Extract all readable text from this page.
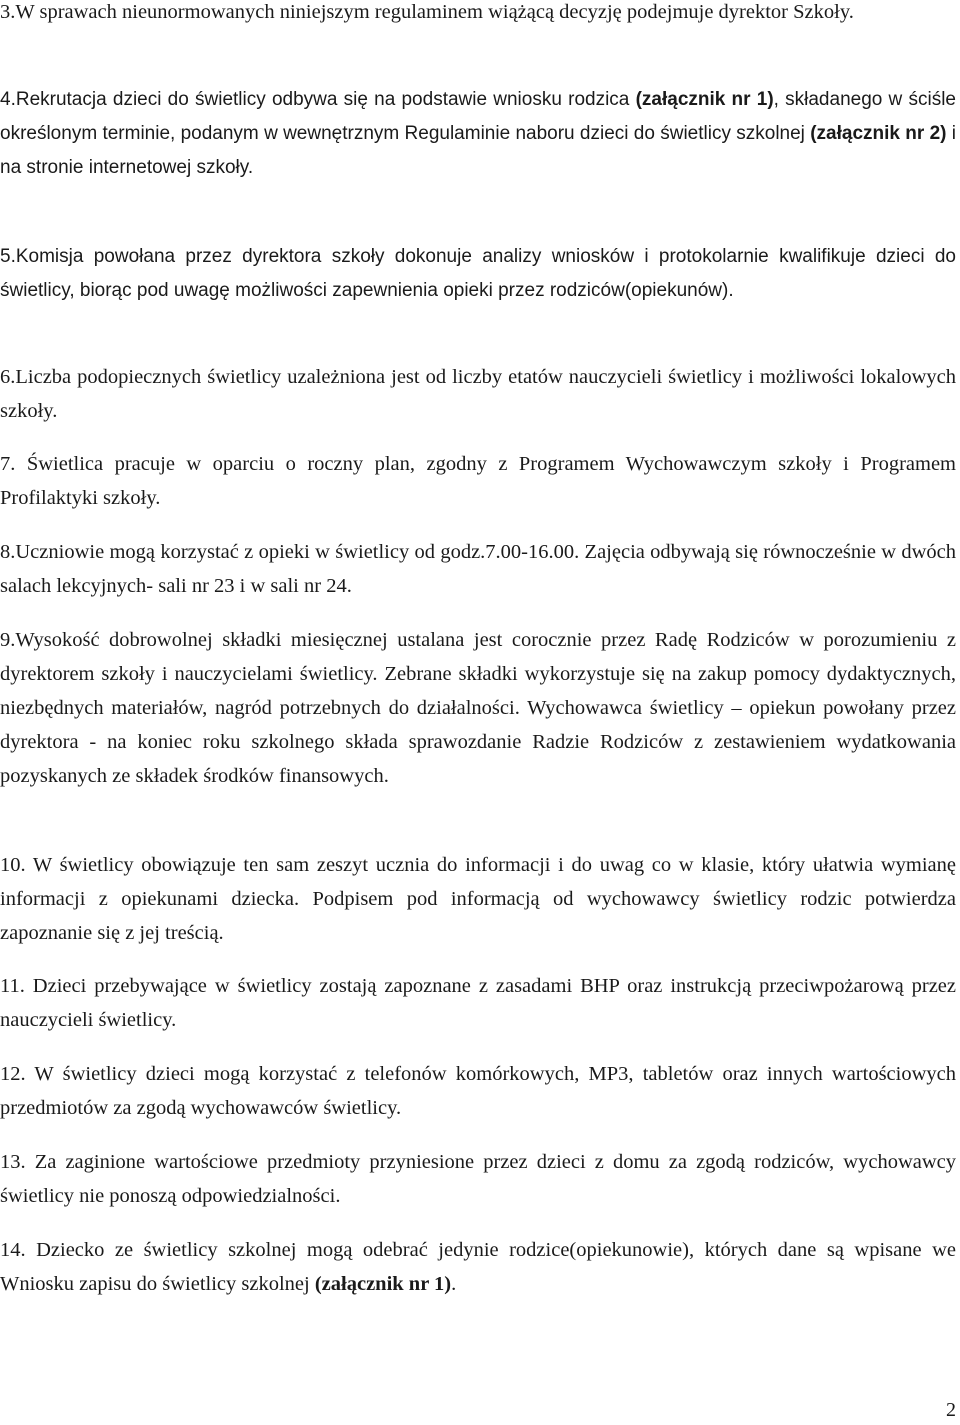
3.W sprawach nieunormowanych niniejszym regulaminem wiążącą decyzję podejmuje dyrektor Szkoły.

4.Rekrutacja dzieci do świetlicy odbywa się na podstawie wniosku rodzica (załącznik nr 1), składanego w ściśle określonym terminie, podanym w wewnętrznym Regulaminie naboru dzieci do świetlicy szkolnej (załącznik nr 2) i na stronie internetowej szkoły.

5.Komisja powołana przez dyrektora szkoły dokonuje analizy wniosków i protokolarnie kwalifikuje dzieci do świetlicy, biorąc pod uwagę możliwości zapewnienia opieki przez rodziców(opiekunów).

6.Liczba podopiecznych świetlicy uzależniona jest od liczby etatów nauczycieli świetlicy i możliwości lokalowych szkoły.

7. Świetlica pracuje w oparciu o roczny plan, zgodny z Programem Wychowawczym szkoły i Programem Profilaktyki szkoły.

8.Uczniowie mogą korzystać z opieki w świetlicy od godz.7.00-16.00. Zajęcia odbywają się równocześnie w dwóch salach lekcyjnych- sali nr 23 i w sali nr 24.

9.Wysokość dobrowolnej składki miesięcznej ustalana jest corocznie przez Radę Rodziców w porozumieniu z dyrektorem szkoły i nauczycielami świetlicy. Zebrane składki wykorzystuje się na zakup pomocy dydaktycznych, niezbędnych materiałów, nagród potrzebnych do działalności. Wychowawca świetlicy – opiekun powołany przez dyrektora - na koniec roku szkolnego składa sprawozdanie Radzie Rodziców z zestawieniem wydatkowania pozyskanych ze składek środków finansowych.

10. W świetlicy obowiązuje ten sam zeszyt ucznia do informacji i do uwag co w klasie, który ułatwia wymianę informacji z opiekunami dziecka. Podpisem pod informacją od wychowawcy świetlicy rodzic potwierdza zapoznanie się z jej treścią.

11. Dzieci przebywające w świetlicy zostają zapoznane z zasadami BHP oraz instrukcją przeciwpożarową przez nauczycieli świetlicy.

12. W świetlicy dzieci mogą korzystać z telefonów komórkowych, MP3, tabletów oraz innych wartościowych przedmiotów za zgodą wychowawców świetlicy.

13. Za zaginione wartościowe przedmioty przyniesione przez dzieci z domu za zgodą rodziców, wychowawcy świetlicy nie ponoszą odpowiedzialności.

14. Dziecko ze świetlicy szkolnej mogą odebrać jedynie rodzice(opiekunowie), których dane są wpisane we Wniosku zapisu do świetlicy szkolnej (załącznik nr 1).

2
